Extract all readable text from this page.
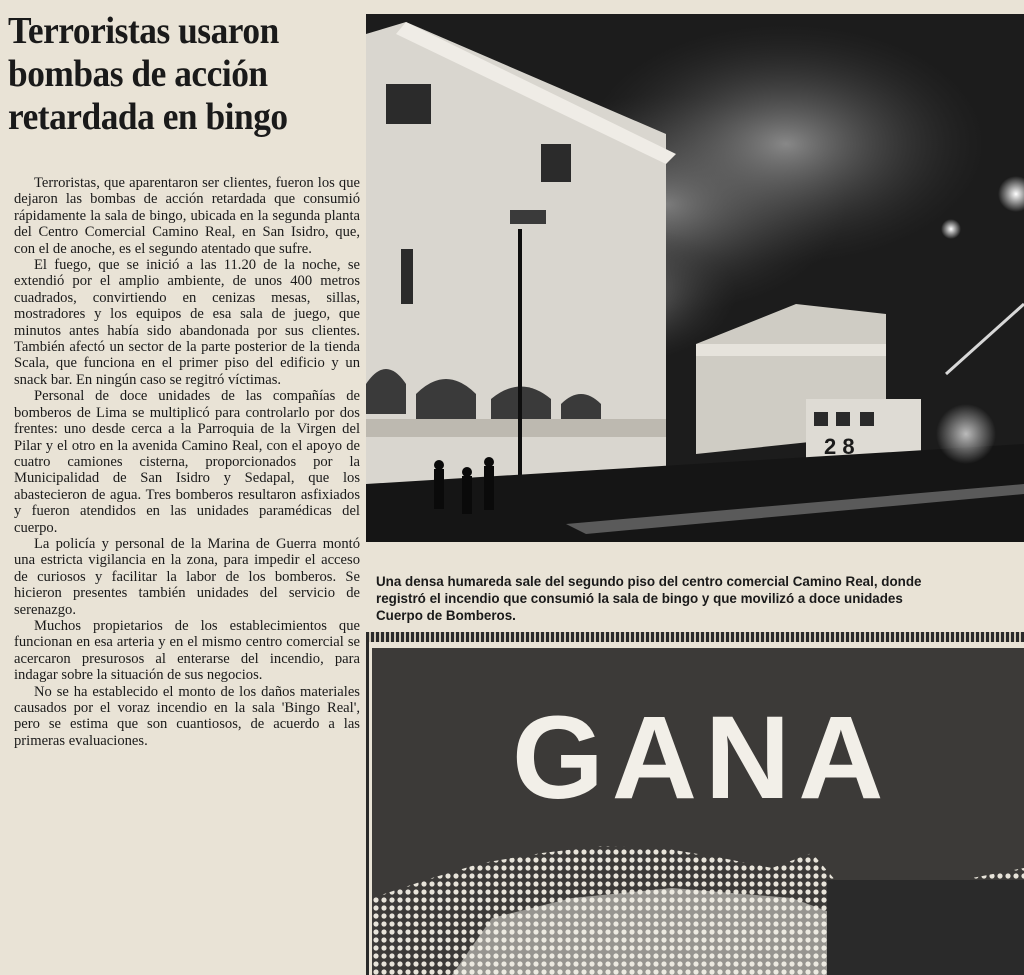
Terroristas usaron
bombas de acción
retardada en bingo

Terroristas, que aparentaron ser clientes, fueron los que dejaron las bombas de acción retardada que consumió rápidamente la sala de bingo, ubicada en la segunda planta del Centro Comercial Camino Real, en San Isidro, que, con el de anoche, es el segundo atentado que sufre.

El fuego, que se inició a las 11.20 de la noche, se extendió por el amplio ambiente, de unos 400 metros cuadrados, convirtiendo en cenizas mesas, sillas, mostradores y los equipos de esa sala de juego, que minutos antes había sido abandonada por sus clientes. También afectó un sector de la parte posterior de la tienda Scala, que funciona en el primer piso del edificio y un snack bar. En ningún caso se regitró víctimas.

Personal de doce unidades de las compañías de bomberos de Lima se multiplicó para controlarlo por dos frentes: uno desde cerca a la Parroquia de la Virgen del Pilar y el otro en la avenida Camino Real, con el apoyo de cuatro camiones cisterna, proporcionados por la Municipalidad de San Isidro y Sedapal, que los abastecieron de agua. Tres bomberos resultaron asfixiados y fueron atendidos en las unidades paramédicas del cuerpo.

La policía y personal de la Marina de Guerra montó una estricta vigilancia en la zona, para impedir el acceso de curiosos y facilitar la labor de los bomberos. Se hicieron presentes también unidades del servicio de serenazgo.

Muchos propietarios de los establecimientos que funcionan en esa arteria y en el mismo centro comercial se acercaron presurosos al enterarse del incendio, para indagar sobre la situación de sus negocios.

No se ha establecido el monto de los daños materiales causados por el voraz incendio en la sala 'Bingo Real', pero se estima que son cuantiosos, de acuerdo a las primeras evaluaciones.

2 8
Una densa humareda sale del segundo piso del centro comercial Camino Real, donde
registró el incendio que consumió la sala de bingo y que movilizó a doce unidades
Cuerpo de Bomberos.
GANA
